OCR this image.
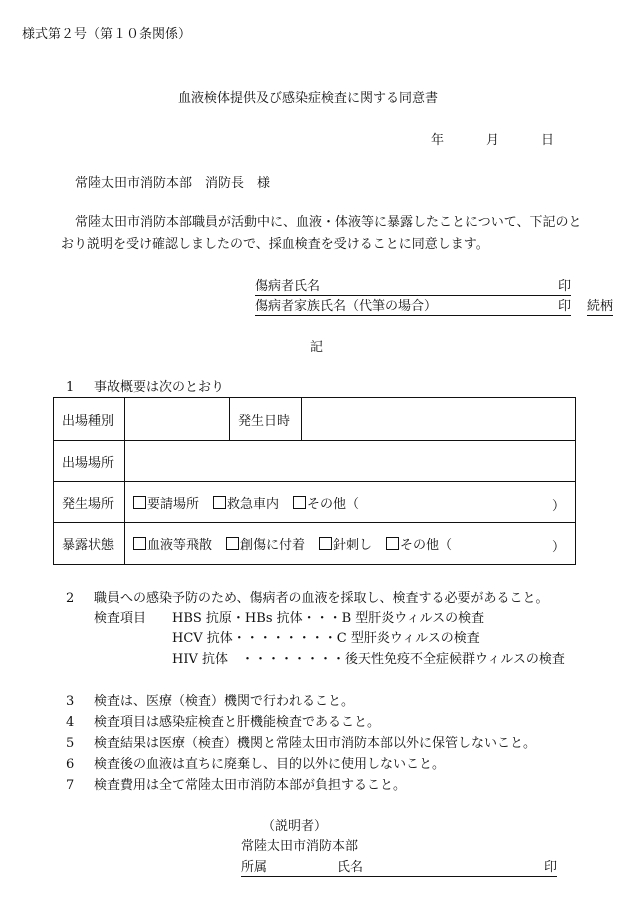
様式第２号（第１０条関係）
血液検体提供及び感染症検査に関する同意書
年	月	日
常陸太田市消防本部　消防長　様
常陸太田市消防本部職員が活動中に、血液・体液等に暴露したことについて、下記のと
おり説明を受け確認しましたので、採血検査を受けることに同意します。
傷病者氏名	印
傷病者家族氏名（代筆の場合）	印 続柄
記
1 事故概要は次のとおり
出場種別		発生日時	
出場場所			
発生場所	要請場所 救急車内 その他（ ）		

暴露状態	血液等飛散 創傷に付着 針刺し その他（ ）		
2 職員への感染予防のため、傷病者の血液を採取し、検査する必要があること。
検査項目 HBS 抗原・HBs 抗体・・・B 型肝炎ウィルスの検査
HCV 抗体・・・・・・・・C 型肝炎ウィルスの検査
HIV 抗体　・・・・・・・・後天性免疫不全症候群ウィルスの検査
3 検査は、医療（検査）機関で行われること。
4 検査項目は感染症検査と肝機能検査であること。
5 検査結果は医療（検査）機関と常陸太田市消防本部以外に保管しないこと。
6 検査後の血液は直ちに廃棄し、目的以外に使用しないこと。
7 検査費用は全て常陸太田市消防本部が負担すること。
（説明者）
常陸太田市消防本部
所属	氏名	印
